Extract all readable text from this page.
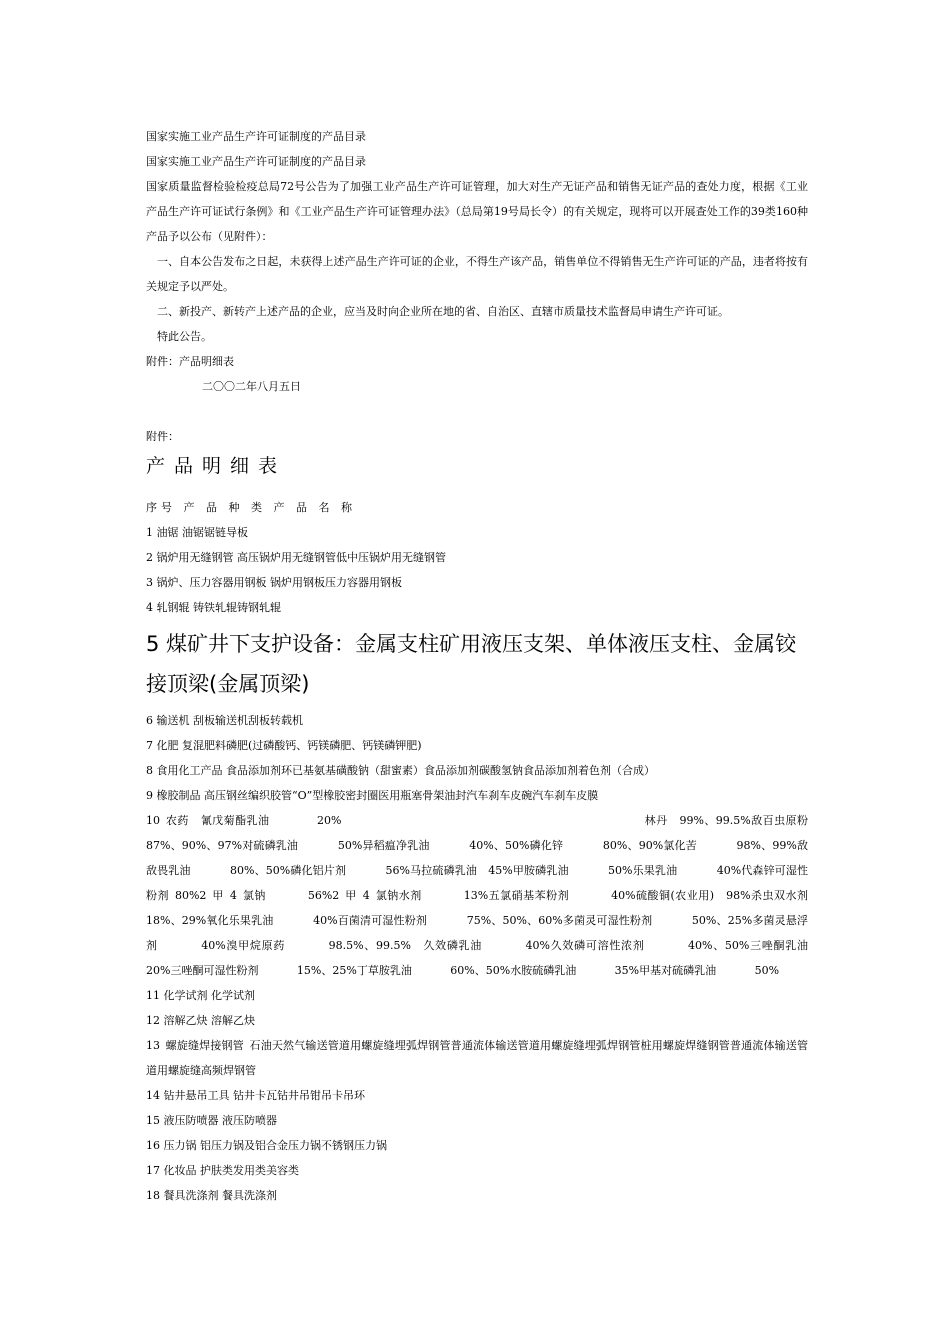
国家实施工业产品生产许可证制度的产品目录

国家实施工业产品生产许可证制度的产品目录

国家质量监督检验检疫总局72号公告为了加强工业产品生产许可证管理，加大对生产无证产品和销售无证产品的查处力度，根据《工业产品生产许可证试行条例》和《工业产品生产许可证管理办法》（总局第19号局长令）的有关规定，现将可以开展查处工作的39类160种产品予以公布（见附件）：

一、自本公告发布之日起，未获得上述产品生产许可证的企业，不得生产该产品，销售单位不得销售无生产许可证的产品，违者将按有关规定予以严处。

二、新投产、新转产上述产品的企业，应当及时向企业所在地的省、自治区、直辖市质量技术监督局申请生产许可证。

特此公告。

附件：产品明细表

二〇〇二年八月五日

附件：

产品明细表

序号 产 品 种 类 产 品 名 称

1 油锯 油锯锯链导板

2 锅炉用无缝钢管 高压锅炉用无缝钢管低中压锅炉用无缝钢管

3 锅炉、压力容器用钢板 锅炉用钢板压力容器用钢板

4 轧钢辊 铸铁轧辊铸钢轧辊

5 煤矿井下支护设备：金属支柱矿用液压支架、单体液压支柱、金属铰接顶梁(金属顶梁)

6 输送机 刮板输送机刮板转载机

7 化肥 复混肥料磷肥(过磷酸钙、钙镁磷肥、钙镁磷钾肥)

8 食用化工产品 食品添加剂环已基氨基磺酸钠（甜蜜素）食品添加剂碳酸氢钠食品添加剂着色剂（合成）

9 橡胶制品 高压钢丝编织胶管“O”型橡胶密封圈医用瓶塞骨架油封汽车刹车皮碗汽车刹车皮膜

10 农药  氰戊菊酯乳油        20%                                                   林丹  99%、99.5%敌百虫原粉       87%、90%、97%对硫磷乳油       50%异稻瘟净乳油       40%、50%磷化锌       80%、90%氯化苦       98%、99%敌敌畏乳油       80%、50%磷化铝片剂       56%马拉硫磷乳油  45%甲胺磷乳油       50%乐果乳油       40%代森锌可湿性粉剂 80%2 甲 4 氯钠       56%2 甲 4 氯钠水剂       13%五氯硝基苯粉剂       40%硫酸铜(农业用)  98%杀虫双水剂       18%、29%氧化乐果乳油       40%百菌清可湿性粉剂       75%、50%、60%多菌灵可湿性粉剂       50%、25%多菌灵悬浮剂       40%溴甲烷原药       98.5%、99.5%  久效磷乳油       40%久效磷可溶性浓剂       40%、50%三唑酮乳油       20%三唑酮可湿性粉剂       15%、25%丁草胺乳油       60%、50%水胺硫磷乳油       35%甲基对硫磷乳油       50%

11 化学试剂 化学试剂

12 溶解乙炔 溶解乙炔

13 螺旋缝焊接钢管 石油天然气输送管道用螺旋缝埋弧焊钢管普通流体输送管道用螺旋缝埋弧焊钢管桩用螺旋焊缝钢管普通流体输送管道用螺旋缝高频焊钢管

14 钻井悬吊工具 钻井卡瓦钻井吊钳吊卡吊环

15 液压防喷器 液压防喷器

16 压力锅 铝压力锅及铝合金压力锅不锈钢压力锅

17 化妆品 护肤类发用类美容类

18 餐具洗涤剂 餐具洗涤剂
